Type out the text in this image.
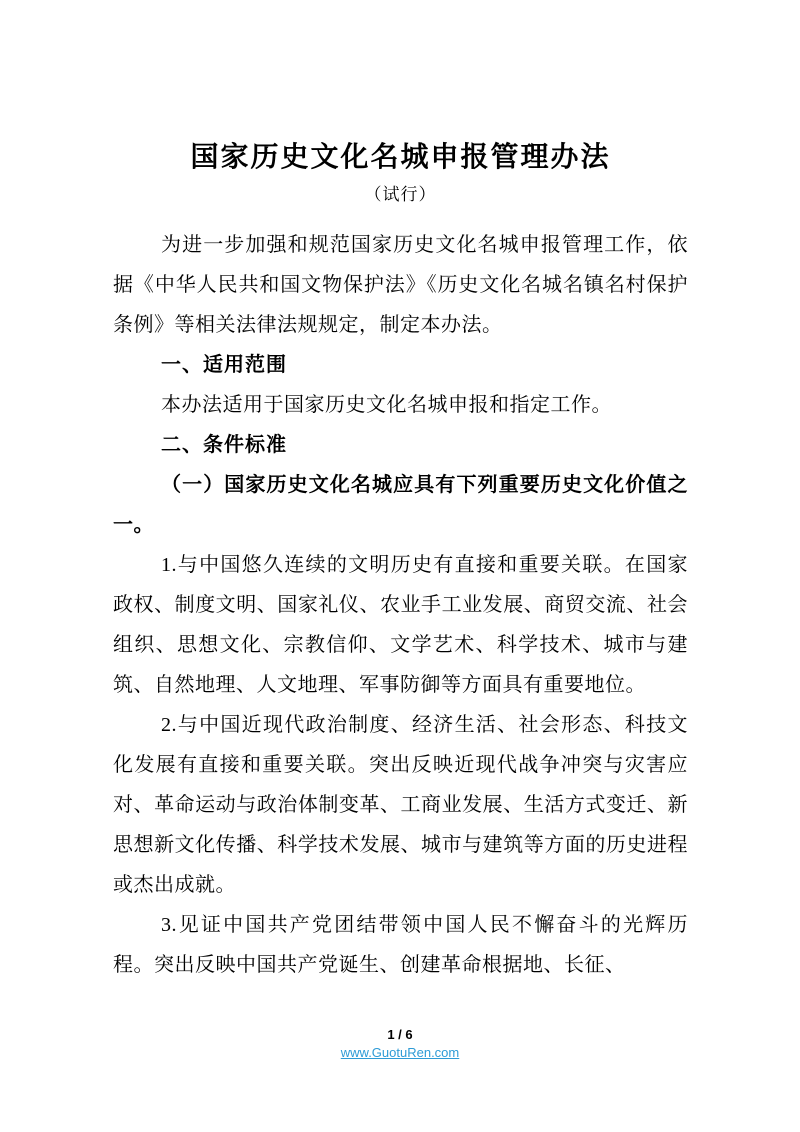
国家历史文化名城申报管理办法
（试行）

为进一步加强和规范国家历史文化名城申报管理工作，依据《中华人民共和国文物保护法》《历史文化名城名镇名村保护条例》等相关法律法规规定，制定本办法。

一、适用范围

本办法适用于国家历史文化名城申报和指定工作。

二、条件标准

（一）国家历史文化名城应具有下列重要历史文化价值之一。

1.与中国悠久连续的文明历史有直接和重要关联。在国家政权、制度文明、国家礼仪、农业手工业发展、商贸交流、社会组织、思想文化、宗教信仰、文学艺术、科学技术、城市与建筑、自然地理、人文地理、军事防御等方面具有重要地位。

2.与中国近现代政治制度、经济生活、社会形态、科技文化发展有直接和重要关联。突出反映近现代战争冲突与灾害应对、革命运动与政治体制变革、工商业发展、生活方式变迁、新思想新文化传播、科学技术发展、城市与建筑等方面的历史进程或杰出成就。

3.见证中国共产党团结带领中国人民不懈奋斗的光辉历程。突出反映中国共产党诞生、创建革命根据地、长征、

1 / 6
www.GuotuRen.com
